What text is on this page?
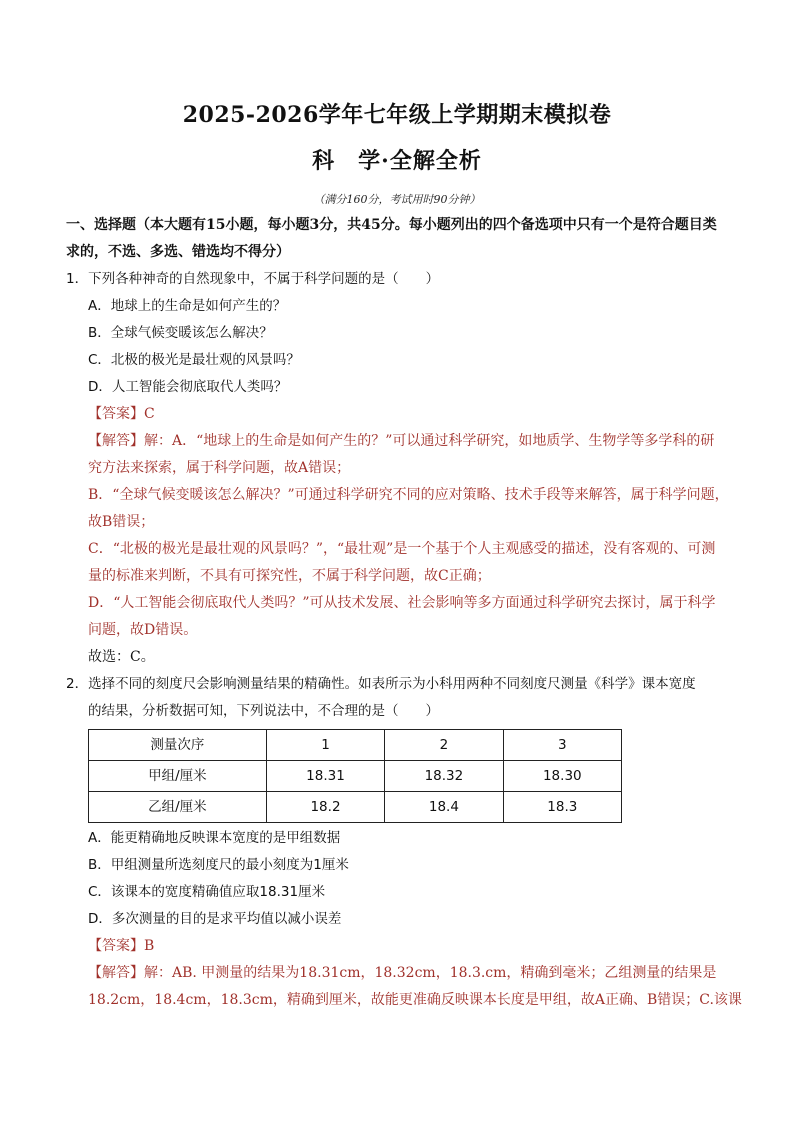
2025-2026学年七年级上学期期末模拟卷
科　学·全解全析
（满分160分，考试用时90分钟）
一、选择题（本大题有15小题，每小题3分，共45分。每小题列出的四个备选项中只有一个是符合题目类
求的，不选、多选、错选均不得分）
1．下列各种神奇的自然现象中，不属于科学问题的是（　　）
A．地球上的生命是如何产生的？
B．全球气候变暖该怎么解决？
C．北极的极光是最壮观的风景吗？
D．人工智能会彻底取代人类吗？
【答案】C
【解答】解：A．“地球上的生命是如何产生的？”可以通过科学研究，如地质学、生物学等多学科的研
究方法来探索，属于科学问题，故A错误；
B．“全球气候变暖该怎么解决？”可通过科学研究不同的应对策略、技术手段等来解答，属于科学问题，
故B错误；
C．“北极的极光是最壮观的风景吗？”，“最壮观”是一个基于个人主观感受的描述，没有客观的、可测
量的标准来判断，不具有可探究性，不属于科学问题，故C正确；
D．“人工智能会彻底取代人类吗？”可从技术发展、社会影响等多方面通过科学研究去探讨，属于科学
问题，故D错误。
故选：C。
2．选择不同的刻度尺会影响测量结果的精确性。如表所示为小科用两种不同刻度尺测量《科学》课本宽度
的结果，分析数据可知，下列说法中，不合理的是（　　）
测量次序	1	2	3
甲组/厘米	18.31	18.32	18.30
乙组/厘米	18.2	18.4	18.3
A．能更精确地反映课本宽度的是甲组数据
B．甲组测量所选刻度尺的最小刻度为1厘米
C．该课本的宽度精确值应取18.31厘米
D．多次测量的目的是求平均值以减小误差
【答案】B
【解答】解：AB. 甲测量的结果为18.31cm，18.32cm，18.3.cm，精确到毫米；乙组测量的结果是
18.2cm，18.4cm，18.3cm，精确到厘米，故能更准确反映课本长度是甲组，故A正确、B错误；C.该课
